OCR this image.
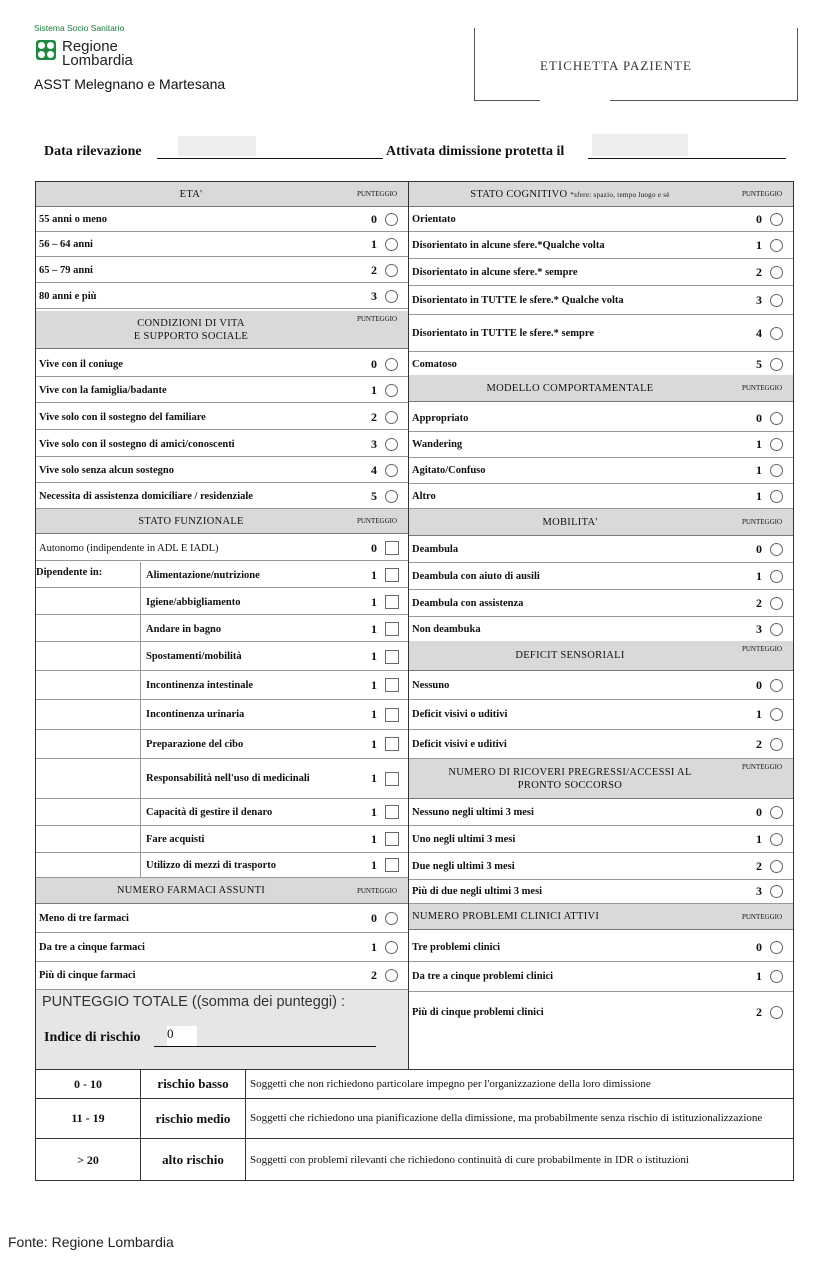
Sistema Socio Sanitario
Regione
Lombardia
ASST Melegnano e Martesana
ETICHETTA PAZIENTE
Data rilevazione	Attivata dimissione protetta il
ETA'	PUNTEGGIO
55 anni o meno	0
56 – 64 anni	1
65 – 79 anni	2
80 anni e più	3
CONDIZIONI DI VITA
E SUPPORTO SOCIALE
PUNTEGGIO
Vive con il coniuge	0
Vive con la famiglia/badante	1
Vive solo con il sostegno del familiare	2
Vive solo con il sostegno di amici/conoscenti	3
Vive solo senza alcun sostegno	4
Necessita di assistenza domiciliare / residenziale	5
STATO FUNZIONALE	PUNTEGGIO
Autonomo (indipendente in ADL E IADL)	0
Dipendente in:	Alimentazione/nutrizione	1
Igiene/abbigliamento	1
Andare in bagno	1
Spostamenti/mobilità	1
Incontinenza intestinale	1
Incontinenza urinaria	1
Preparazione del cibo	1
Responsabilità nell'uso di medicinali	1
Capacità di gestire il denaro	1
Fare acquisti	1
Utilizzo di mezzi di trasporto	1
NUMERO FARMACI ASSUNTI	PUNTEGGIO
Meno di tre farmaci	0
Da tre a cinque farmaci	1
Più di cinque farmaci	2
PUNTEGGIO TOTALE ((somma dei punteggi) :
Indice di rischio 0
STATO COGNITIVO *sfere: spazio, tempo luogo e sè	PUNTEGGIO
Orientato	0
Disorientato in alcune sfere.*Qualche volta	1
Disorientato in alcune sfere.* sempre	2
Disorientato in TUTTE le sfere.* Qualche volta	3
Disorientato in TUTTE le sfere.* sempre	4
Comatoso	5
MODELLO COMPORTAMENTALE	PUNTEGGIO
Appropriato	0
Wandering	1
Agitato/Confuso	1
Altro	1
MOBILITA'	PUNTEGGIO
Deambula	0
Deambula con aiuto di ausili	1
Deambula con assistenza	2
Non deambuka	3
DEFICIT SENSORIALI
PUNTEGGIO
Nessuno	0
Deficit visivi o uditivi	1
Deficit visivi e uditivi	2
NUMERO DI RICOVERI PREGRESSI/ACCESSI AL
PRONTO SOCCORSO
PUNTEGGIO
Nessuno negli ultimi 3 mesi	0
Uno negli ultimi 3 mesi	1
Due negli ultimi 3 mesi	2
Più di due negli ultimi 3 mesi	3
NUMERO PROBLEMI CLINICI ATTIVI	PUNTEGGIO
Tre problemi clinici	0
Da tre a cinque problemi clinici	1
Più di cinque problemi clinici	2
0 - 10	rischio basso	Soggetti che non richiedono particolare impegno per l'organizzazione della loro dimissione
11 - 19	rischio medio	Soggetti che richiedono una pianificazione della dimissione, ma probabilmente senza rischio di istituzionalizzazione
> 20	alto rischio	Soggetti con problemi rilevanti che richiedono continuità di cure probabilmente in IDR o istituzioni
Fonte: Regione Lombardia
